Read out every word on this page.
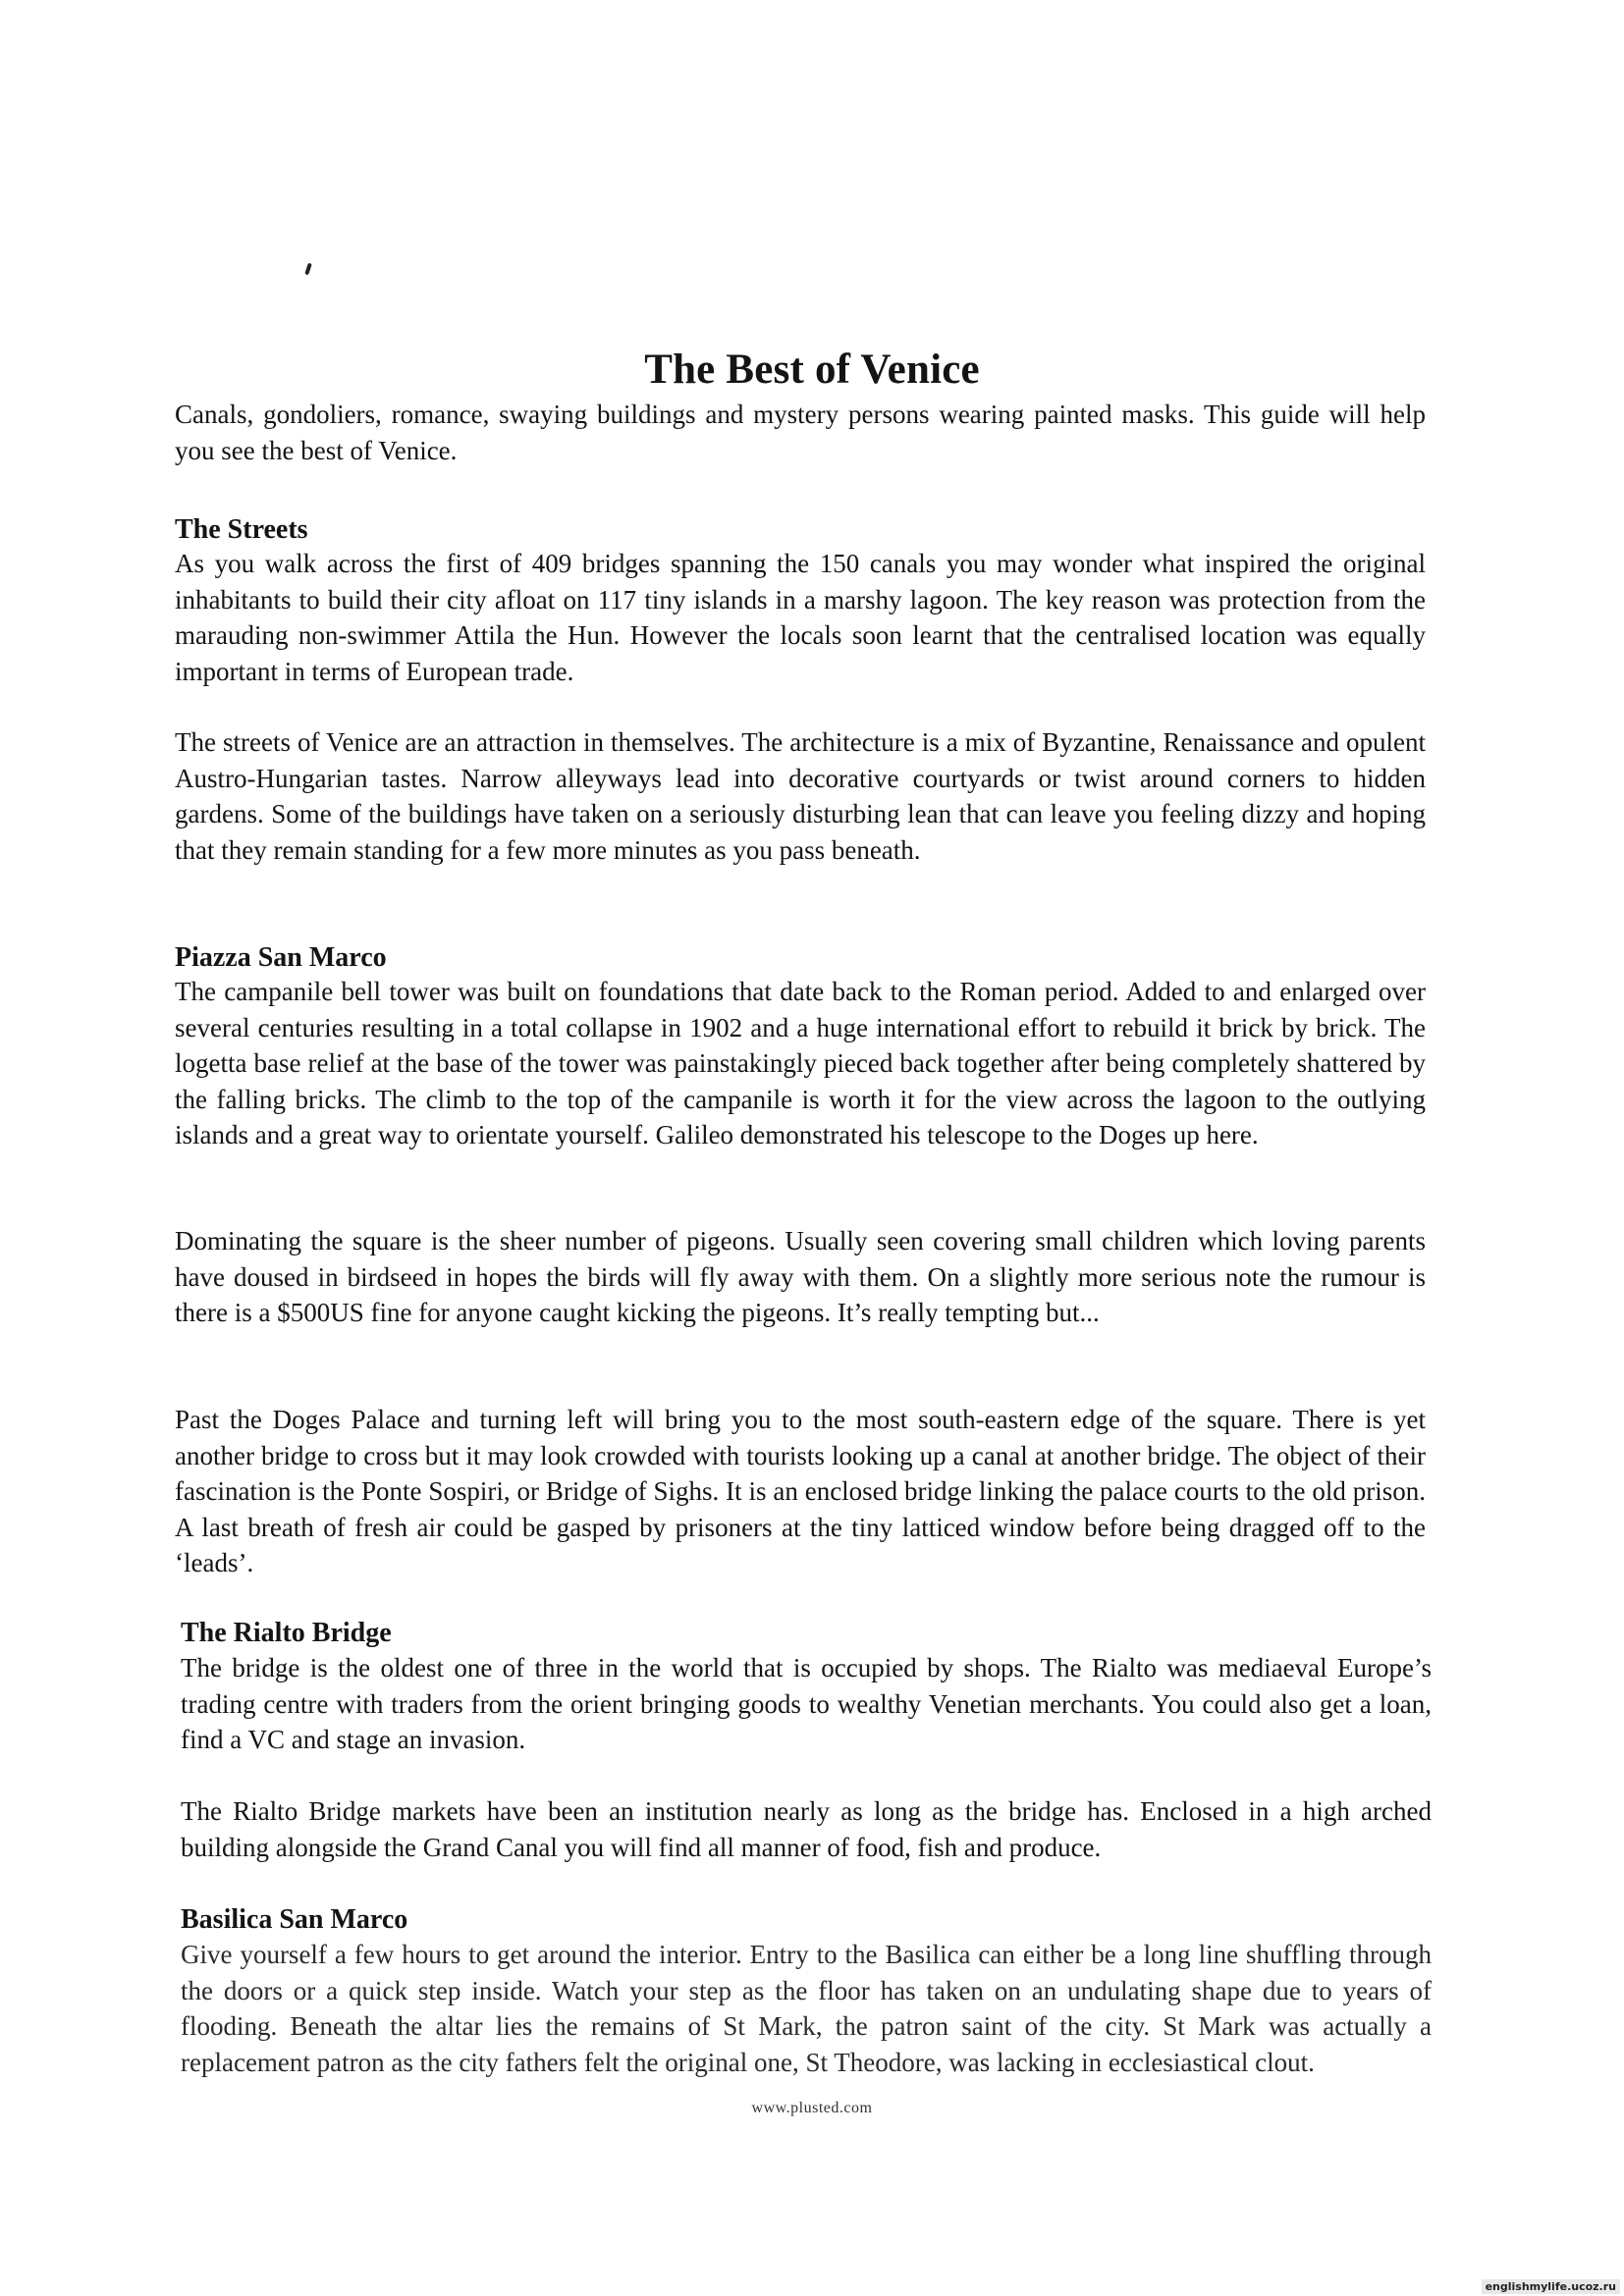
The Best of Venice

Canals, gondoliers, romance, swaying buildings and mystery persons wearing painted masks. This guide will help you see the best of Venice.

The Streets

As you walk across the first of 409 bridges spanning the 150 canals you may wonder what inspired the original inhabitants to build their city afloat on 117 tiny islands in a marshy lagoon. The key reason was protection from the marauding non-swimmer Attila the Hun. However the locals soon learnt that the centralised location was equally important in terms of European trade.

The streets of Venice are an attraction in themselves. The architecture is a mix of Byzantine, Renaissance and opulent Austro-Hungarian tastes. Narrow alleyways lead into decorative courtyards or twist around corners to hidden gardens. Some of the buildings have taken on a seriously disturbing lean that can leave you feeling dizzy and hoping that they remain standing for a few more minutes as you pass beneath.

Piazza San Marco

The campanile bell tower was built on foundations that date back to the Roman period. Added to and enlarged over several centuries resulting in a total collapse in 1902 and a huge international effort to rebuild it brick by brick. The logetta base relief at the base of the tower was painstakingly pieced back together after being completely shattered by the falling bricks. The climb to the top of the campanile is worth it for the view across the lagoon to the outlying islands and a great way to orientate yourself. Galileo demonstrated his telescope to the Doges up here.

Dominating the square is the sheer number of pigeons. Usually seen covering small children which loving parents have doused in birdseed in hopes the birds will fly away with them. On a slightly more serious note the rumour is there is a $500US fine for anyone caught kicking the pigeons. It’s really tempting but...

Past the Doges Palace and turning left will bring you to the most south-eastern edge of the square. There is yet another bridge to cross but it may look crowded with tourists looking up a canal at another bridge. The object of their fascination is the Ponte Sospiri, or Bridge of Sighs. It is an enclosed bridge linking the palace courts to the old prison. A last breath of fresh air could be gasped by prisoners at the tiny latticed window before being dragged off to the ‘leads’.

The Rialto Bridge

The bridge is the oldest one of three in the world that is occupied by shops. The Rialto was mediaeval Europe’s trading centre with traders from the orient bringing goods to wealthy Venetian merchants. You could also get a loan, find a VC and stage an invasion.

The Rialto Bridge markets have been an institution nearly as long as the bridge has. Enclosed in a high arched building alongside the Grand Canal you will find all manner of food, fish and produce.

Basilica San Marco

Give yourself a few hours to get around the interior. Entry to the Basilica can either be a long line shuffling through the doors or a quick step inside. Watch your step as the floor has taken on an undulating shape due to years of flooding. Beneath the altar lies the remains of St Mark, the patron saint of the city. St Mark was actually a replacement patron as the city fathers felt the original one, St Theodore, was lacking in ecclesiastical clout.

www.plusted.com
englishmylife.ucoz.ru
